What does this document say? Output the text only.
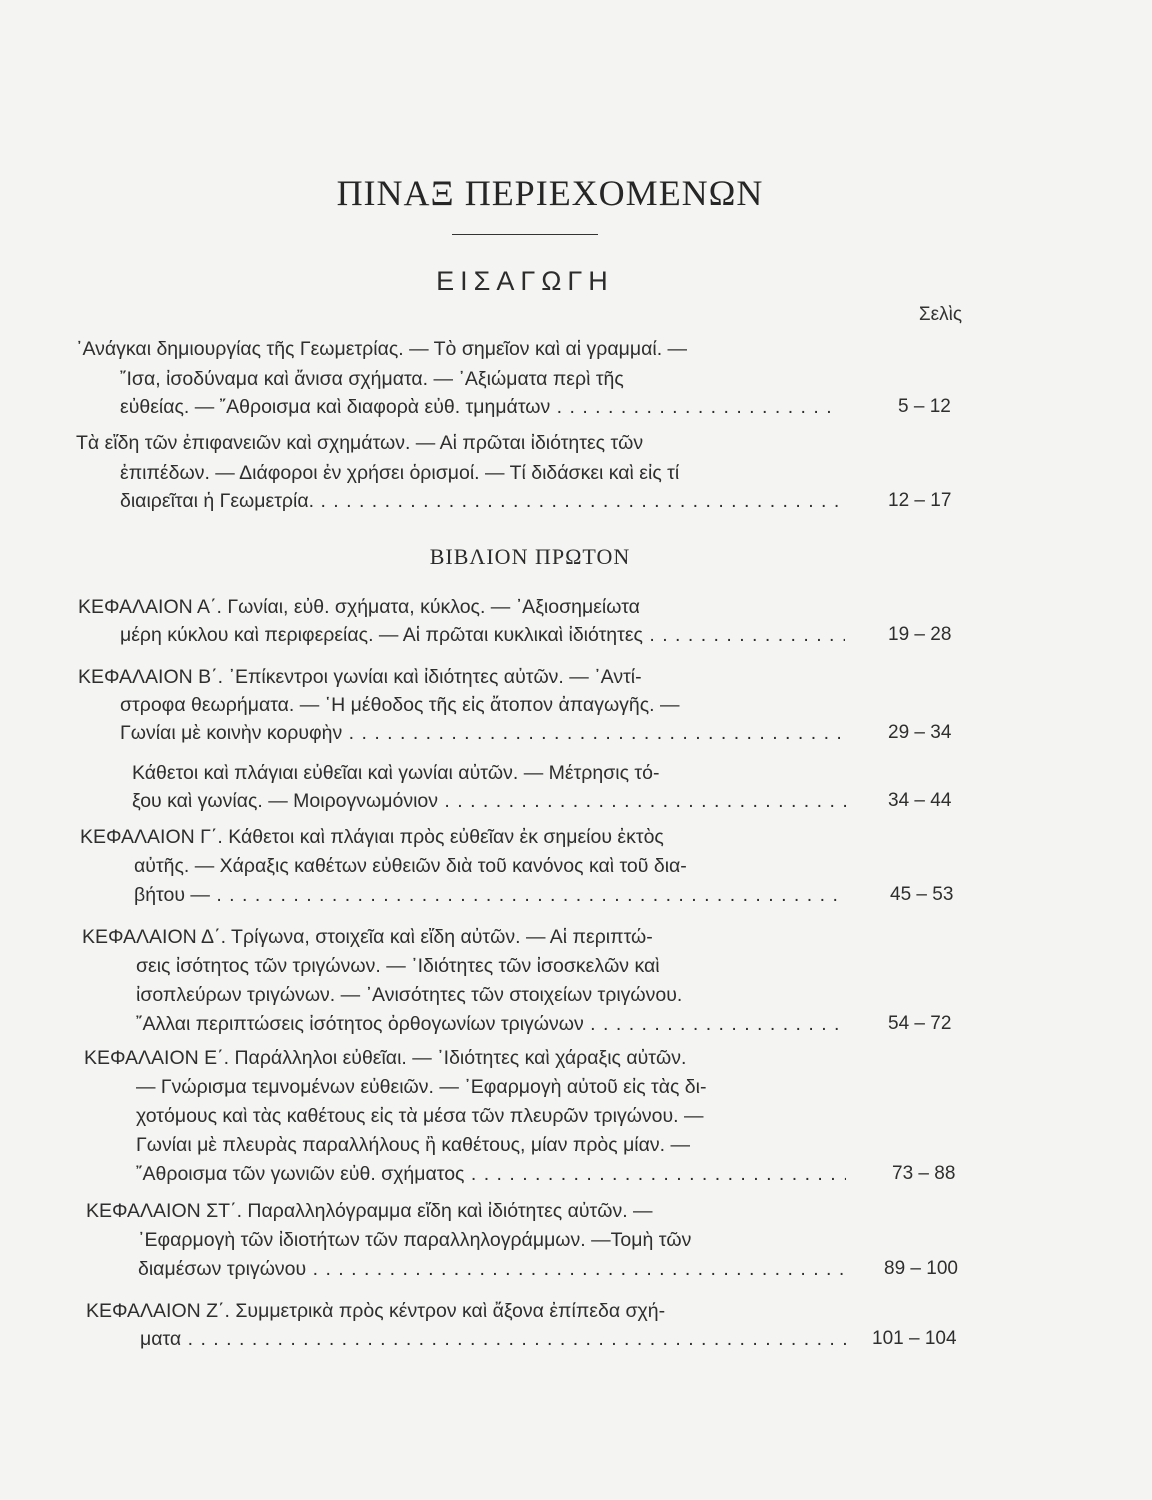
ΠΙΝΑΞ ΠΕΡΙΕΧΟΜΕΝΩΝ
ΕΙΣΑΓΩΓΗ
Σελὶς
᾿Ανάγκαι δημιουργίας τῆς Γεωμετρίας. — Τὸ σημεῖον καὶ αἱ γραμμαί. —
῎Ισα, ἰσοδύναμα καὶ ἄνισα σχήματα. — ᾿Αξιώματα περὶ τῆς
εὐθείας. — ῎Αθροισμα καὶ διαφορὰ εὐθ. τμημάτων . . .	5 – 12
Τὰ εἴδη τῶν ἐπιφανειῶν καὶ σχημάτων. — Αἱ πρῶται ἰδιότητες τῶν
ἐπιπέδων. — Διάφοροι ἐν χρήσει ὁρισμοί. — Τί διδάσκει καὶ εἰς τί
διαιρεῖται ἡ Γεωμετρία. . . .	12 – 17
ΒΙΒΛΙΟΝ ΠΡΩΤΟΝ
ΚΕΦΑΛΑΙΟΝ Α΄. Γωνίαι, εὐθ. σχήματα, κύκλος. — ᾿Αξιοσημείωτα
μέρη κύκλου καὶ περιφερείας. — Αἱ πρῶται κυκλικαὶ ἰδιότητες . . .	19 – 28
ΚΕΦΑΛΑΙΟΝ Β΄. ᾿Επίκεντροι γωνίαι καὶ ἰδιότητες αὐτῶν. — ᾿Αντί-
στροφα θεωρήματα. — ῾Η μέθοδος τῆς εἰς ἄτοπον ἀπαγωγῆς. —
Γωνίαι μὲ κοινὴν κορυφὴν . . .	29 – 34
Κάθετοι καὶ πλάγιαι εὐθεῖαι καὶ γωνίαι αὐτῶν. — Μέτρησις τό-
ξου καὶ γωνίας. — Μοιρογνωμόνιον . . .	34 – 44
ΚΕΦΑΛΑΙΟΝ Γ΄. Κάθετοι καὶ πλάγιαι πρὸς εὐθεῖαν ἐκ σημείου ἐκτὸς
αὐτῆς. — Χάραξις καθέτων εὐθειῶν διὰ τοῦ κανόνος καὶ τοῦ δια-
βήτου — . . .	45 – 53
ΚΕΦΑΛΑΙΟΝ Δ΄. Τρίγωνα, στοιχεῖα καὶ εἴδη αὐτῶν. — Αἱ περιπτώ-
σεις ἰσότητος τῶν τριγώνων. — ᾿Ιδιότητες τῶν ἰσοσκελῶν καὶ
ἰσοπλεύρων τριγώνων. — ᾿Ανισότητες τῶν στοιχείων τριγώνου.
῎Αλλαι περιπτώσεις ἰσότητος ὀρθογωνίων τριγώνων . . .	54 – 72
ΚΕΦΑΛΑΙΟΝ Ε΄. Παράλληλοι εὐθεῖαι. — ᾿Ιδιότητες καὶ χάραξις αὐτῶν.
— Γνώρισμα τεμνομένων εὐθειῶν. — ᾿Εφαρμογὴ αὐτοῦ εἰς τὰς δι-
χοτόμους καὶ τὰς καθέτους εἰς τὰ μέσα τῶν πλευρῶν τριγώνου. —
Γωνίαι μὲ πλευρὰς παραλλήλους ἢ καθέτους, μίαν πρὸς μίαν. —
῎Αθροισμα τῶν γωνιῶν εὐθ. σχήματος . . .	73 – 88
ΚΕΦΑΛΑΙΟΝ ΣΤ΄. Παραλληλόγραμμα εἴδη καὶ ἰδιότητες αὐτῶν. —
᾿Εφαρμογὴ τῶν ἰδιοτήτων τῶν παραλληλογράμμων. —Τομὴ τῶν
διαμέσων τριγώνου . . .	89 – 100
ΚΕΦΑΛΑΙΟΝ Ζ΄. Συμμετρικὰ πρὸς κέντρον καὶ ἄξονα ἐπίπεδα σχή-
ματα . . .	101 – 104
